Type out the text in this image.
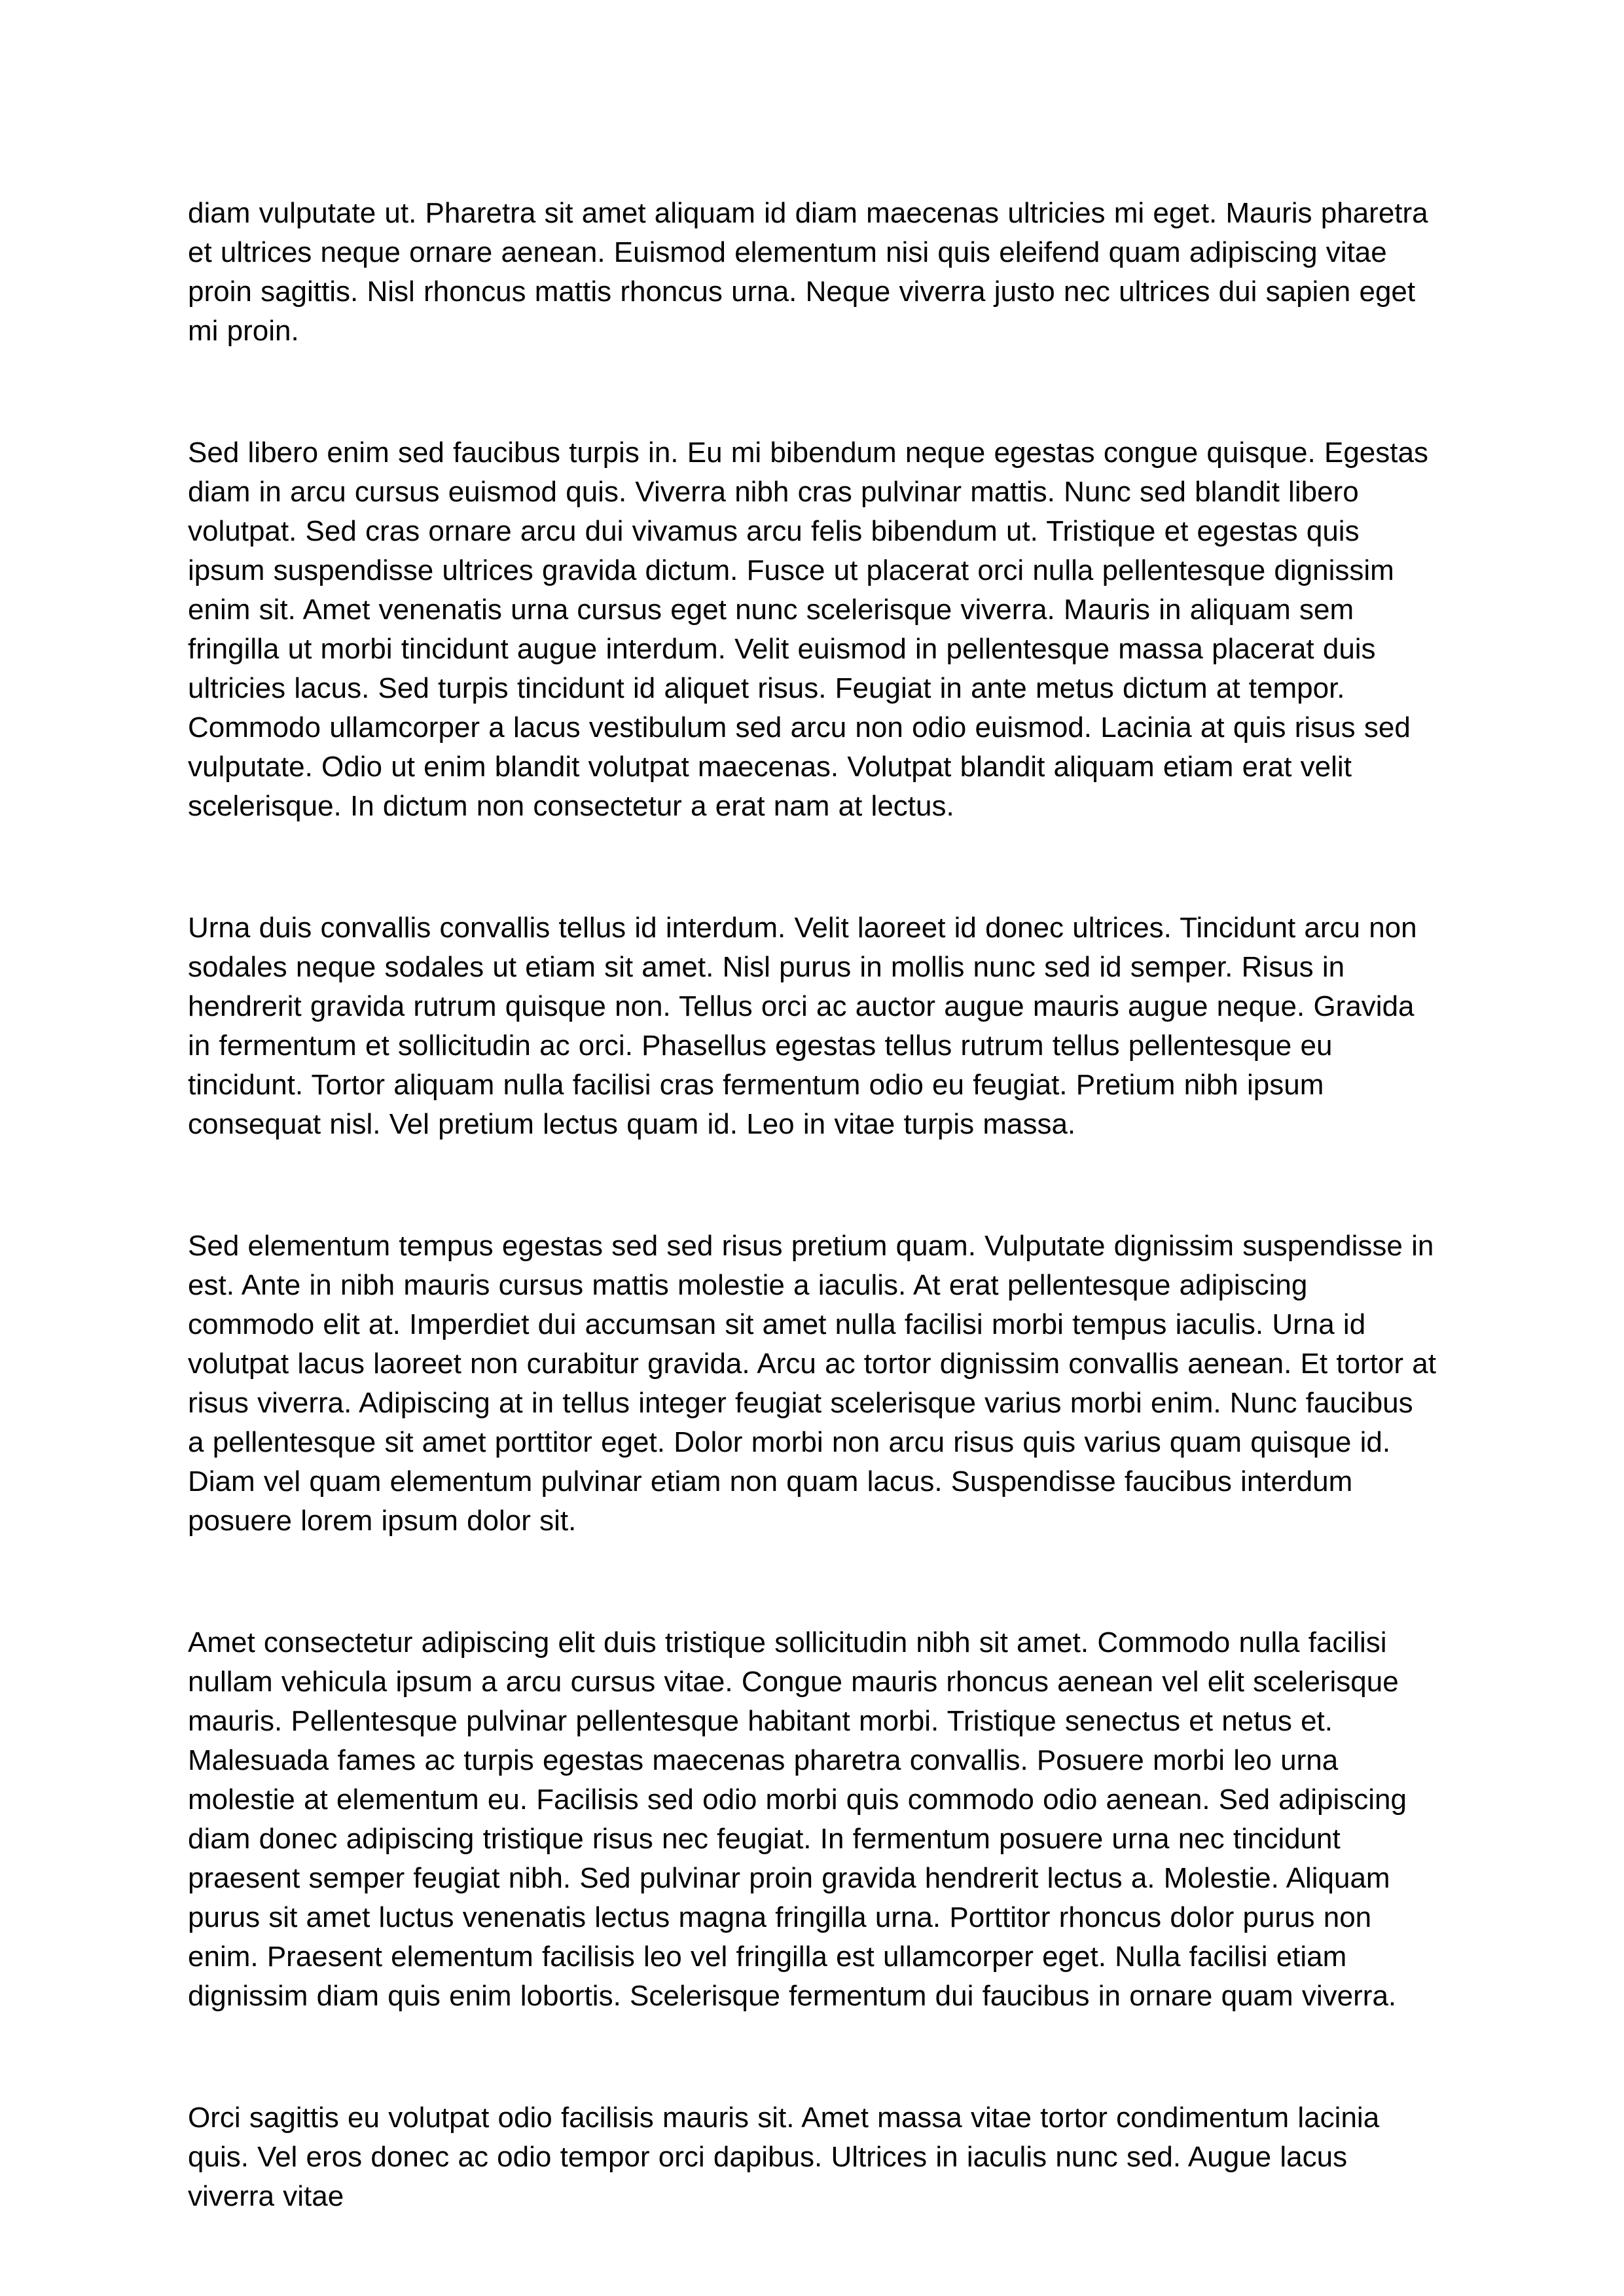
diam vulputate ut. Pharetra sit amet aliquam id diam maecenas ultricies mi eget. Mauris pharetra et ultrices neque ornare aenean. Euismod elementum nisi quis eleifend quam adipiscing vitae proin sagittis. Nisl rhoncus mattis rhoncus urna. Neque viverra justo nec ultrices dui sapien eget mi proin.

Sed libero enim sed faucibus turpis in. Eu mi bibendum neque egestas congue quisque. Egestas diam in arcu cursus euismod quis. Viverra nibh cras pulvinar mattis. Nunc sed blandit libero volutpat. Sed cras ornare arcu dui vivamus arcu felis bibendum ut. Tristique et egestas quis ipsum suspendisse ultrices gravida dictum. Fusce ut placerat orci nulla pellentesque dignissim enim sit. Amet venenatis urna cursus eget nunc scelerisque viverra. Mauris in aliquam sem fringilla ut morbi tincidunt augue interdum. Velit euismod in pellentesque massa placerat duis ultricies lacus. Sed turpis tincidunt id aliquet risus. Feugiat in ante metus dictum at tempor. Commodo ullamcorper a lacus vestibulum sed arcu non odio euismod. Lacinia at quis risus sed vulputate. Odio ut enim blandit volutpat maecenas. Volutpat blandit aliquam etiam erat velit scelerisque. In dictum non consectetur a erat nam at lectus.

Urna duis convallis convallis tellus id interdum. Velit laoreet id donec ultrices. Tincidunt arcu non sodales neque sodales ut etiam sit amet. Nisl purus in mollis nunc sed id semper. Risus in hendrerit gravida rutrum quisque non. Tellus orci ac auctor augue mauris augue neque. Gravida in fermentum et sollicitudin ac orci. Phasellus egestas tellus rutrum tellus pellentesque eu tincidunt. Tortor aliquam nulla facilisi cras fermentum odio eu feugiat. Pretium nibh ipsum consequat nisl. Vel pretium lectus quam id. Leo in vitae turpis massa.

Sed elementum tempus egestas sed sed risus pretium quam. Vulputate dignissim suspendisse in est. Ante in nibh mauris cursus mattis molestie a iaculis. At erat pellentesque adipiscing commodo elit at. Imperdiet dui accumsan sit amet nulla facilisi morbi tempus iaculis. Urna id volutpat lacus laoreet non curabitur gravida. Arcu ac tortor dignissim convallis aenean. Et tortor at risus viverra. Adipiscing at in tellus integer feugiat scelerisque varius morbi enim. Nunc faucibus a pellentesque sit amet porttitor eget. Dolor morbi non arcu risus quis varius quam quisque id. Diam vel quam elementum pulvinar etiam non quam lacus. Suspendisse faucibus interdum posuere lorem ipsum dolor sit.

Amet consectetur adipiscing elit duis tristique sollicitudin nibh sit amet. Commodo nulla facilisi nullam vehicula ipsum a arcu cursus vitae. Congue mauris rhoncus aenean vel elit scelerisque mauris. Pellentesque pulvinar pellentesque habitant morbi. Tristique senectus et netus et. Malesuada fames ac turpis egestas maecenas pharetra convallis. Posuere morbi leo urna molestie at elementum eu. Facilisis sed odio morbi quis commodo odio aenean. Sed adipiscing diam donec adipiscing tristique risus nec feugiat. In fermentum posuere urna nec tincidunt praesent semper feugiat nibh. Sed pulvinar proin gravida hendrerit lectus a. Molestie. Aliquam purus sit amet luctus venenatis lectus magna fringilla urna. Porttitor rhoncus dolor purus non enim. Praesent elementum facilisis leo vel fringilla est ullamcorper eget. Nulla facilisi etiam dignissim diam quis enim lobortis. Scelerisque fermentum dui faucibus in ornare quam viverra.

Orci sagittis eu volutpat odio facilisis mauris sit. Amet massa vitae tortor condimentum lacinia quis. Vel eros donec ac odio tempor orci dapibus. Ultrices in iaculis nunc sed. Augue lacus viverra vitae
